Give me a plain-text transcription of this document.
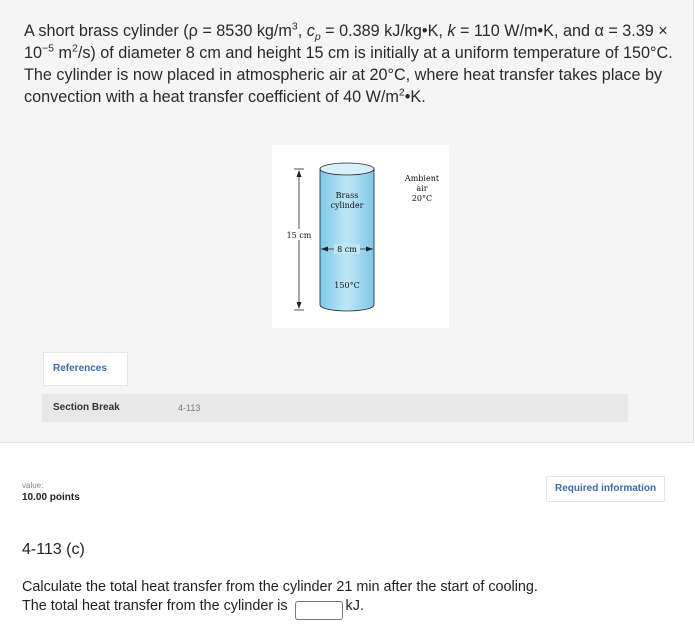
A short brass cylinder (ρ = 8530 $kg/m^3$, $c_p = 0.389$ kJ/kg•K, k = 110 W/m•K, and $\alpha = 3.39 \times 10^{-5}$ $m^2/s$) of diameter 8 cm and height 15 cm is initially at a uniform temperature of 150°C. The cylinder is now placed in atmospheric air at 20°C, where heat transfer takes place by convection with a heat transfer coefficient of 40 $W/m^2•K$.
15 cm
8 cm
Brass
cylinder
150°C
Ambient
air
20°C
References
Section Break	4-113
value:
10.00 points
Required information
4-113 (c)
Calculate the total heat transfer from the cylinder 21 min after the start of cooling.
The total heat transfer from the cylinder is	kJ.
